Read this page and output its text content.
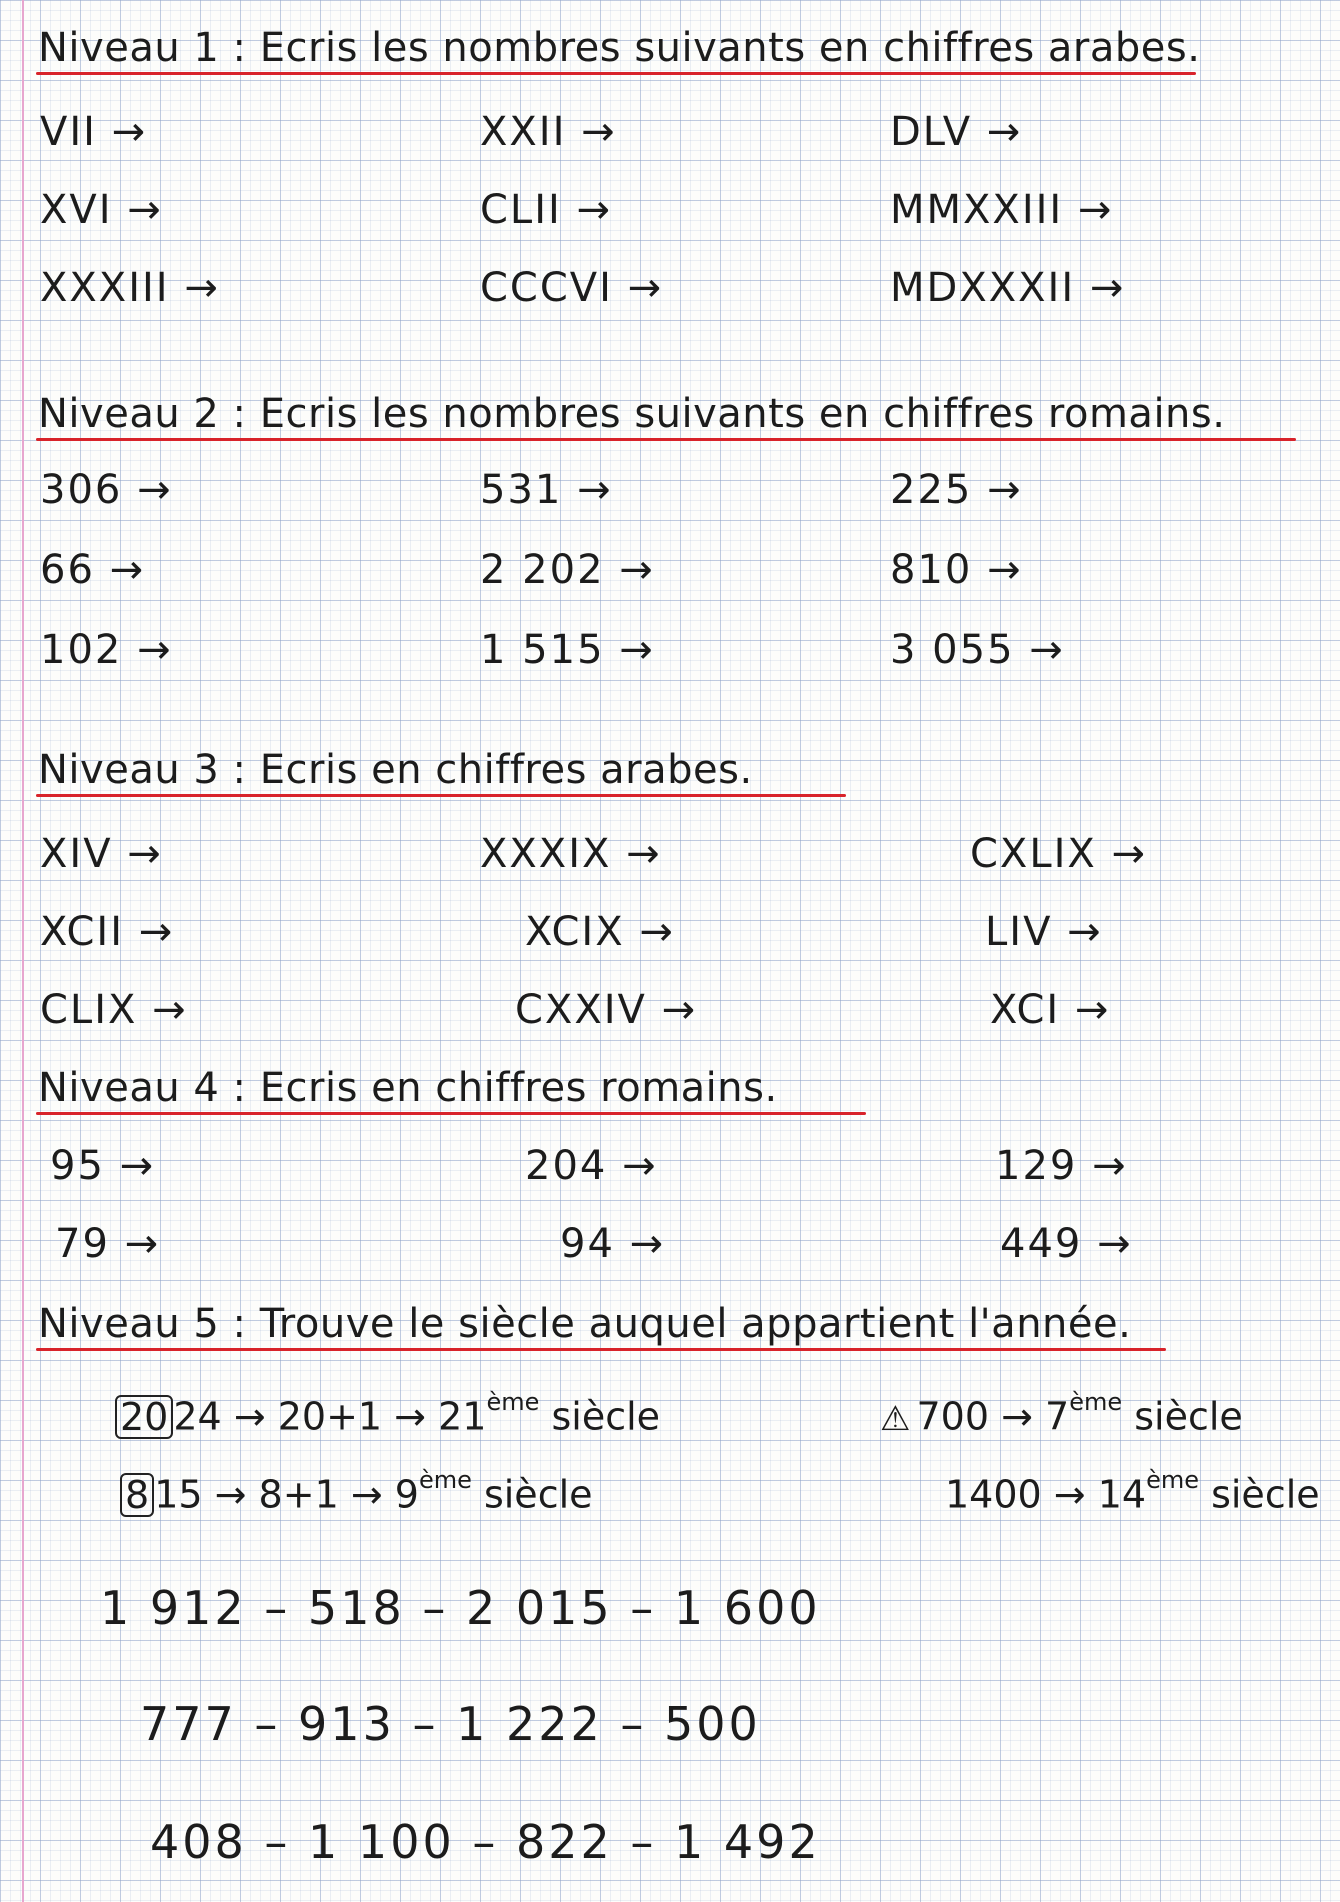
Niveau 1 : Ecris les nombres suivants en chiffres arabes.
VII →	XXII →	DLV →
XVI →	CLII →	MMXXIII →
XXXIII →	CCCVI →	MDXXXII →
Niveau 2 : Ecris les nombres suivants en chiffres romains.
306 →	531 →	225 →
66 →	2 202 →	810 →
102 →	1 515 →	3 055 →
Niveau 3 : Ecris en chiffres arabes.
XIV →	XXXIX →	CXLIX →
XCII →	XCIX →	LIV →
CLIX →	CXXIV →	XCI →
Niveau 4 : Ecris en chiffres romains.
95 →	204 →	129 →
79 →	94 →	449 →
Niveau 5 : Trouve le siècle auquel appartient l'année.
20 24 → 20+1 → 21ème siècle	⚠ 700 → 7ème siècle
8 15 → 8+1 → 9ème siècle	1400 → 14ème siècle
1 912 – 518 – 2 015 – 1 600
777 – 913 – 1 222 – 500
408 – 1 100 – 822 – 1 492
